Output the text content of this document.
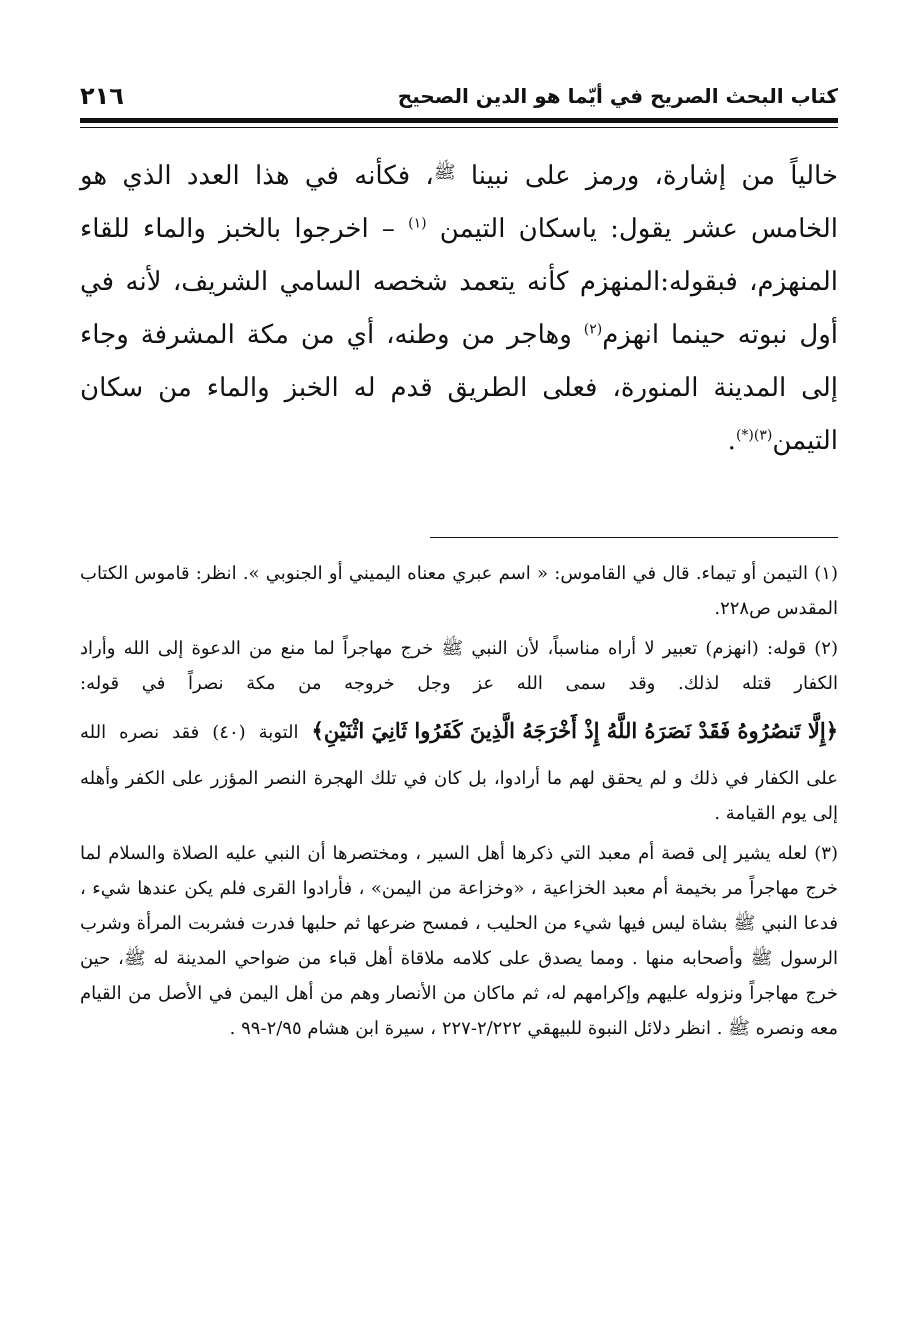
كتاب البحث الصريح في أيّما هو الدين الصحيح
٢١٦

خالياً من إشارة، ورمز على نبينا $^ﷺ$، فكأنه في هذا العدد الذي هو الخامس عشر يقول: ياسكان التيمن $^{(١)}$ – اخرجوا بالخبز والماء للقاء المنهزم، فبقوله:المنهزم كأنه يتعمد شخصه السامي الشريف، لأنه في أول نبوته حينما انهزم$^{(٢)}$ وهاجر من وطنه، أي من مكة المشرفة وجاء إلى المدينة المنورة، فعلى الطريق قدم له الخبز والماء من سكان التيمن$^{(٣)(*)}$.

(١) التيمن أو تيماء. قال في القاموس: « اسم عبري معناه اليميني أو الجنوبي ». انظر: قاموس الكتاب المقدس ص٢٢٨.

(٢) قوله: (انهزم) تعبير لا أراه مناسباً، لأن النبي ﷺ خرج مهاجراً لما منع من الدعوة إلى الله وأراد الكفار قتله لذلك. وقد سمى الله عز وجل خروجه من مكة نصراً في قوله: ﴿إِلَّا تَنصُرُوهُ فَقَدْ نَصَرَهُ اللَّهُ إِذْ أَخْرَجَهُ الَّذِينَ كَفَرُوا ثَانِيَ اثْنَيْنِ﴾ التوبة (٤٠) فقد نصره الله على الكفار في ذلك و لم يحقق لهم ما أرادوا، بل كان في تلك الهجرة النصر المؤزر على الكفر وأهله إلى يوم القيامة .

(٣) لعله يشير إلى قصة أم معبد التي ذكرها أهل السير ، ومختصرها أن النبي عليه الصلاة والسلام لما خرج مهاجراً مر بخيمة أم معبد الخزاعية ، «وخزاعة من اليمن» ، فأرادوا القرى فلم يكن عندها شيء ، فدعا النبي ﷺ بشاة ليس فيها شيء من الحليب ، فمسح ضرعها ثم حلبها فدرت فشربت المرأة وشرب الرسول ﷺ وأصحابه منها . ومما يصدق على كلامه ملاقاة أهل قباء من ضواحي المدينة له ﷺ، حين خرج مهاجراً ونزوله عليهم وإكرامهم له، ثم ماكان من الأنصار وهم من أهل اليمن في الأصل من القيام معه ونصره ﷺ . انظر دلائل النبوة للبيهقي ٢/٢٢٢-٢٢٧ ، سيرة ابن هشام ٢/٩٥-٩٩ .
